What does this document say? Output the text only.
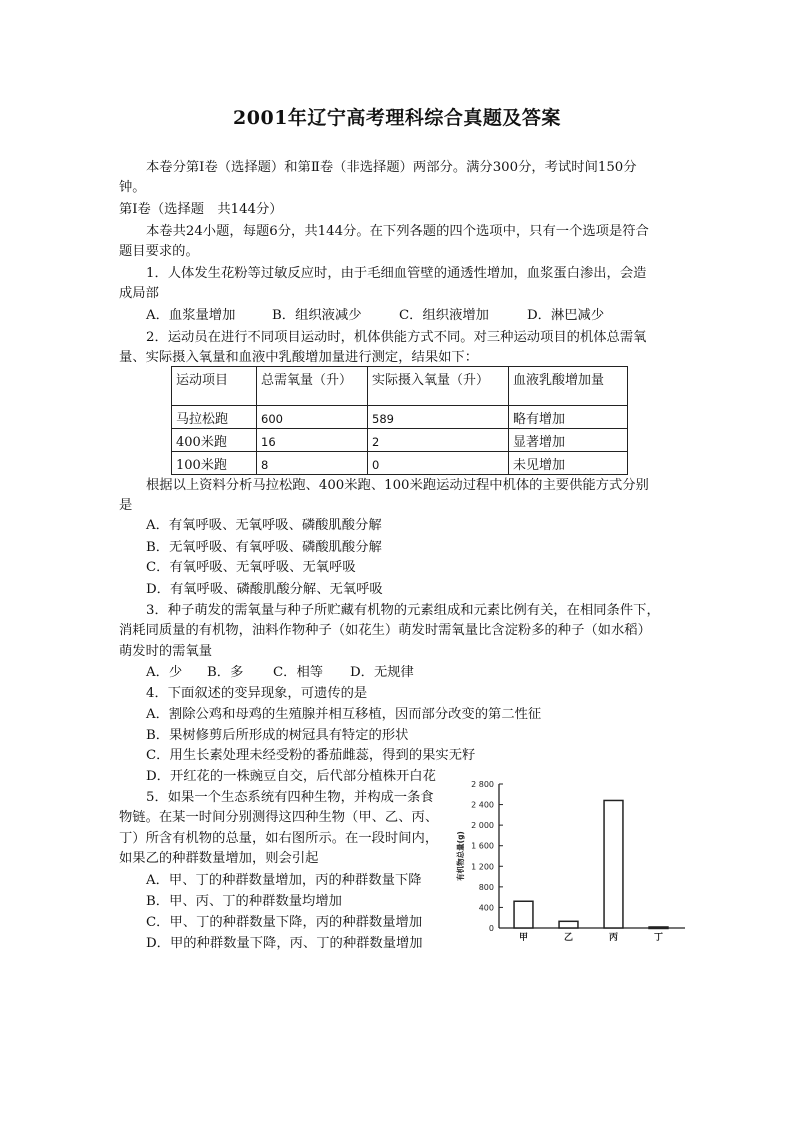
2001年辽宁高考理科综合真题及答案
本卷分第Ⅰ卷（选择题）和第Ⅱ卷（非选择题）两部分。满分300分，考试时间150分
钟。
第Ⅰ卷（选择题　共144分）
本卷共24小题，每题6分，共144分。在下列各题的四个选项中，只有一个选项是符合
题目要求的。
1．人体发生花粉等过敏反应时，由于毛细血管壁的通透性增加，血浆蛋白渗出，会造
成局部
A．血浆量增加	B．组织液减少	C．组织液增加	D．淋巴减少
2．运动员在进行不同项目运动时，机体供能方式不同。对三种运动项目的机体总需氧
量、实际摄入氧量和血液中乳酸增加量进行测定，结果如下：
运动项目	总需氧量（升）	实际摄入氧量（升）	血液乳酸增加量
马拉松跑	600	589	略有增加
400米跑	16	2	显著增加
100米跑	8	0	未见增加
根据以上资料分析马拉松跑、400米跑、100米跑运动过程中机体的主要供能方式分别
是
A．有氧呼吸、无氧呼吸、磷酸肌酸分解
B．无氧呼吸、有氧呼吸、磷酸肌酸分解
C．有氧呼吸、无氧呼吸、无氧呼吸
D．有氧呼吸、磷酸肌酸分解、无氧呼吸
3．种子萌发的需氧量与种子所贮藏有机物的元素组成和元素比例有关，在相同条件下，
消耗同质量的有机物，油料作物种子（如花生）萌发时需氧量比含淀粉多的种子（如水稻）
萌发时的需氧量
A．少 B．多 C．相等 D．无规律
4．下面叙述的变异现象，可遗传的是
A．割除公鸡和母鸡的生殖腺并相互移植，因而部分改变的第二性征
B．果树修剪后所形成的树冠具有特定的形状
C．用生长素处理未经受粉的番茄雌蕊，得到的果实无籽
D．开红花的一株豌豆自交，后代部分植株开白花
5．如果一个生态系统有四种生物，并构成一条食
物链。在某一时间分别测得这四种生物（甲、乙、丙、
丁）所含有机物的总量，如右图所示。在一段时间内，
如果乙的种群数量增加，则会引起
A．甲、丁的种群数量增加，丙的种群数量下降
B．甲、丙、丁的种群数量均增加
C．甲、丁的种群数量下降，丙的种群数量增加
D．甲的种群数量下降，丙、丁的种群数量增加
0
400
800
1 200
1 600
2 000
2 400
2 800
有机物总量(g)
甲	乙	丙	丁
